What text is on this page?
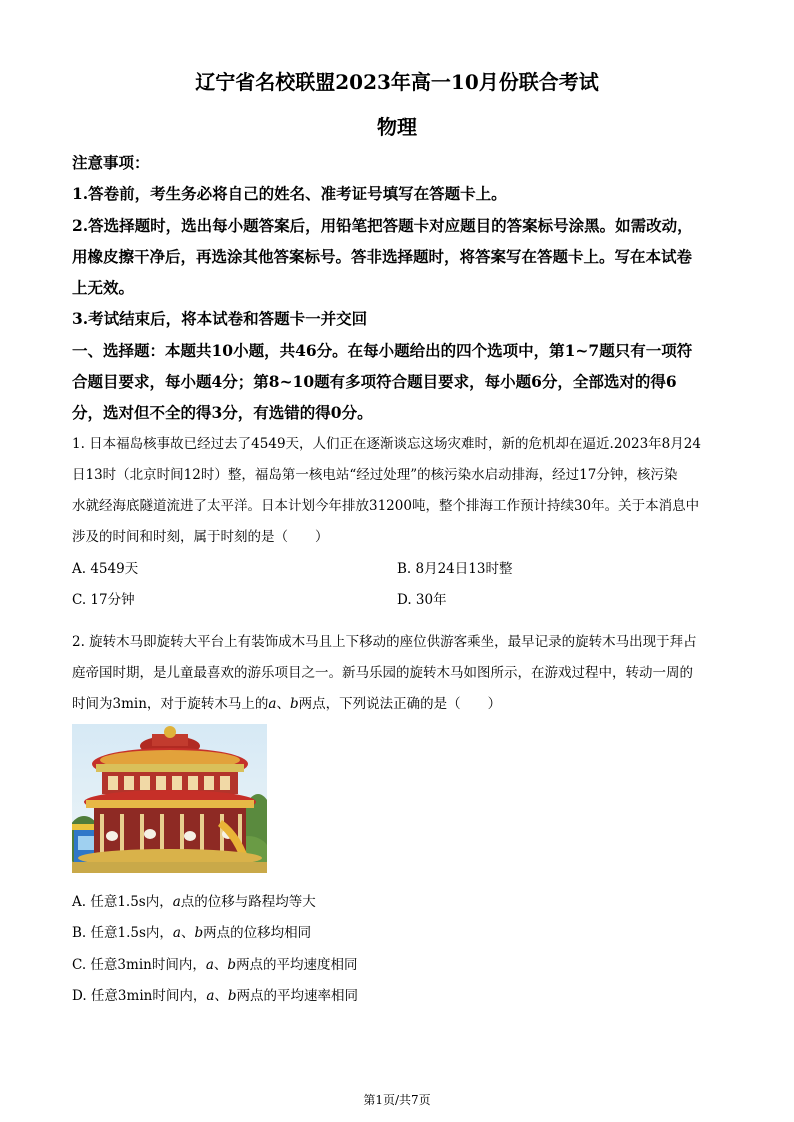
辽宁省名校联盟2023年高一10月份联合考试
物理
注意事项：
1.答卷前，考生务必将自己的姓名、准考证号填写在答题卡上。
2.答选择题时，选出每小题答案后，用铅笔把答题卡对应题目的答案标号涂黑。如需改动，
用橡皮擦干净后，再选涂其他答案标号。答非选择题时，将答案写在答题卡上。写在本试卷
上无效。
3.考试结束后，将本试卷和答题卡一并交回
一、选择题：本题共10小题，共46分。在每小题给出的四个选项中，第1~7题只有一项符
合题目要求，每小题4分；第8~10题有多项符合题目要求，每小题6分，全部选对的得6
分，选对但不全的得3分，有选错的得0分。
1. 日本福岛核事故已经过去了4549天，人们正在逐渐谈忘这场灾难时，新的危机却在逼近.2023年8月24
日13时（北京时间12时）整，福岛第一核电站“经过处理”的核污染水启动排海，经过17分钟，核污染
水就经海底隧道流进了太平洋。日本计划今年排放31200吨，整个排海工作预计持续30年。关于本消息中
涉及的时间和时刻，属于时刻的是（　　）
A. 4549天	B. 8月24日13时整
C. 17分钟	D. 30年
2. 旋转木马即旋转大平台上有装饰成木马且上下移动的座位供游客乘坐，最早记录的旋转木马出现于拜占
庭帝国时期，是儿童最喜欢的游乐项目之一。新马乐园的旋转木马如图所示，在游戏过程中，转动一周的
时间为3min，对于旋转木马上的a、b两点，下列说法正确的是（　　）
A. 任意1.5s内，a点的位移与路程均等大
B. 任意1.5s内，a、b两点的位移均相同
C. 任意3min时间内，a、b两点的平均速度相同
D. 任意3min时间内，a、b两点的平均速率相同
第1页/共7页
